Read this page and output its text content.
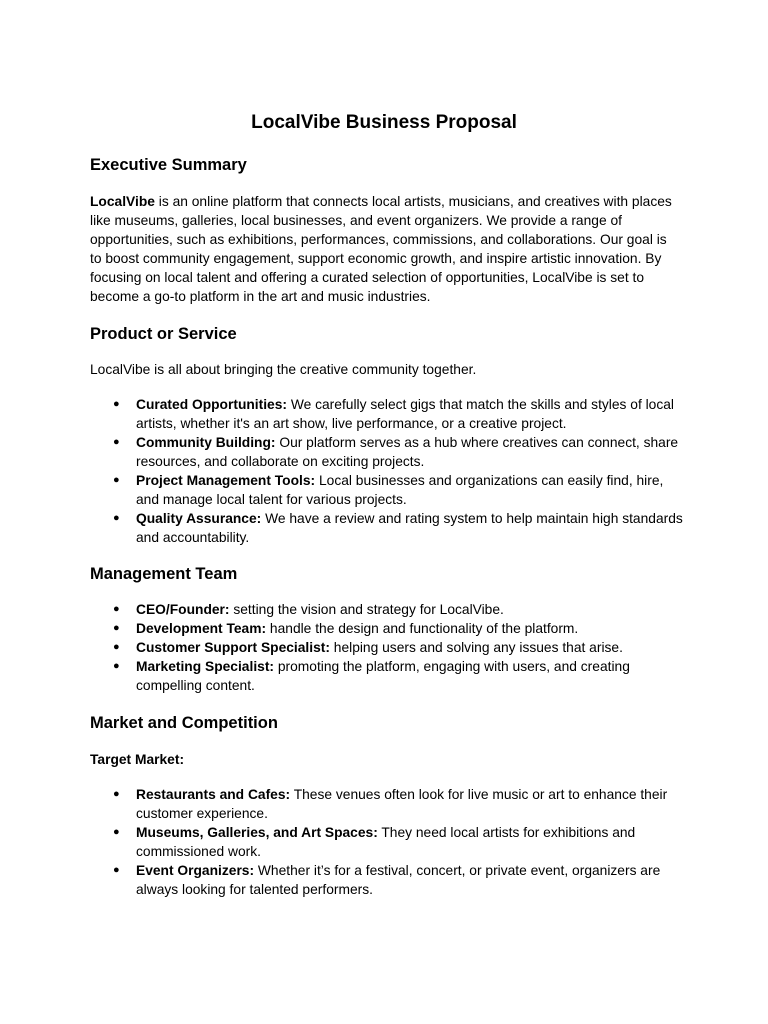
LocalVibe Business Proposal
Executive Summary

LocalVibe is an online platform that connects local artists, musicians, and creatives with places like museums, galleries, local businesses, and event organizers. We provide a range of opportunities, such as exhibitions, performances, commissions, and collaborations. Our goal is to boost community engagement, support economic growth, and inspire artistic innovation. By focusing on local talent and offering a curated selection of opportunities, LocalVibe is set to become a go-to platform in the art and music industries.

Product or Service

LocalVibe is all about bringing the creative community together.

● Curated Opportunities: We carefully select gigs that match the skills and styles of local artists, whether it's an art show, live performance, or a creative project.
● Community Building: Our platform serves as a hub where creatives can connect, share resources, and collaborate on exciting projects.
● Project Management Tools: Local businesses and organizations can easily find, hire, and manage local talent for various projects.
● Quality Assurance: We have a review and rating system to help maintain high standards and accountability.
Management Team
● CEO/Founder: setting the vision and strategy for LocalVibe.
● Development Team: handle the design and functionality of the platform.
● Customer Support Specialist: helping users and solving any issues that arise.
● Marketing Specialist: promoting the platform, engaging with users, and creating compelling content.
Market and Competition

Target Market:

● Restaurants and Cafes: These venues often look for live music or art to enhance their customer experience.
● Museums, Galleries, and Art Spaces: They need local artists for exhibitions and commissioned work.
● Event Organizers: Whether it’s for a festival, concert, or private event, organizers are always looking for talented performers.
